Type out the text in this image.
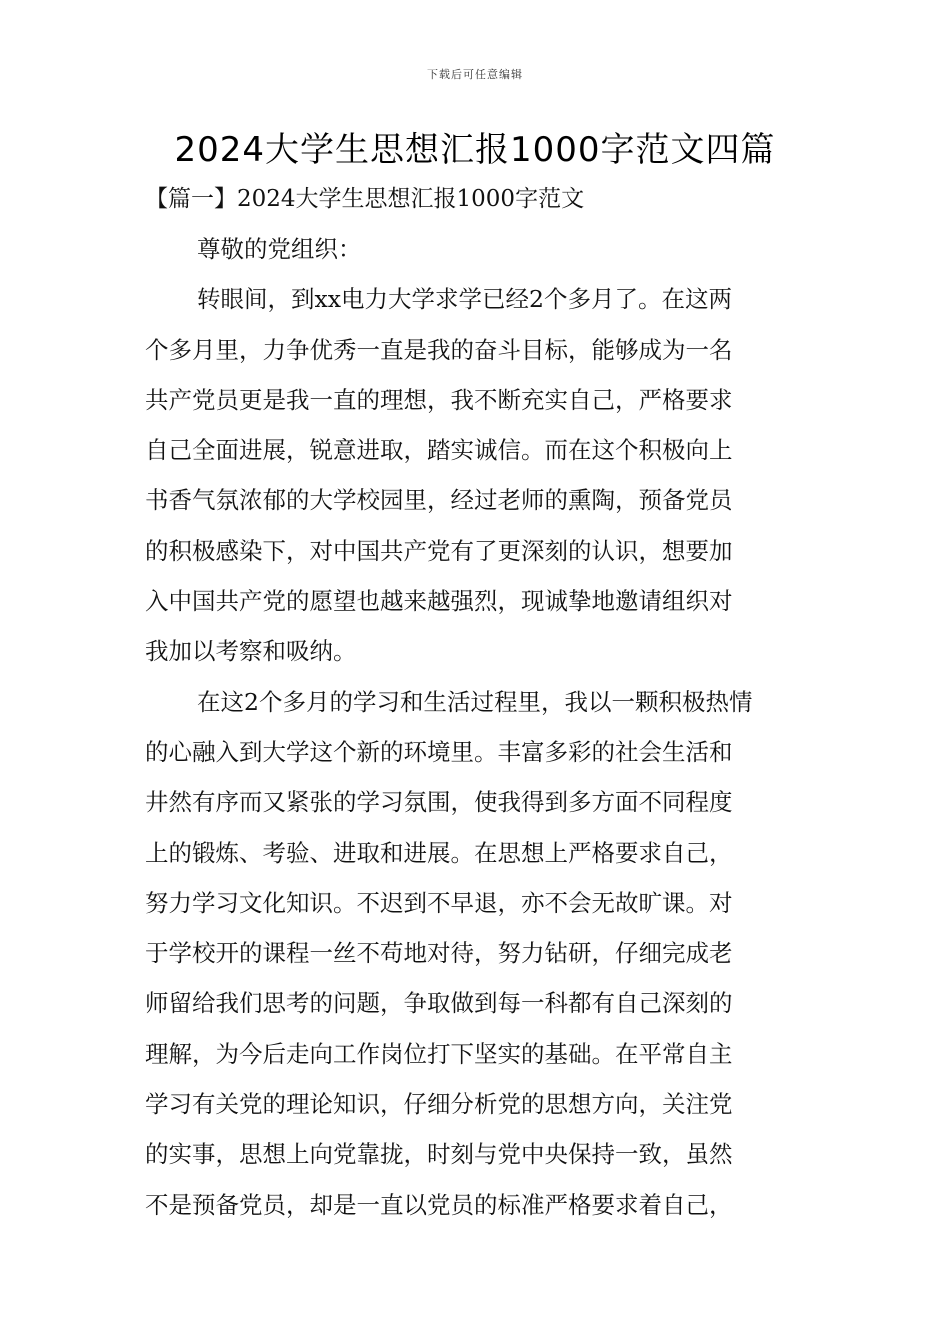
下载后可任意编辑
2024大学生思想汇报1000字范文四篇
【篇一】2024大学生思想汇报1000字范文

尊敬的党组织：

转眼间，到xx电力大学求学已经2个多月了。在这两
个多月里，力争优秀一直是我的奋斗目标，能够成为一名
共产党员更是我一直的理想，我不断充实自己，严格要求
自己全面进展，锐意进取，踏实诚信。而在这个积极向上
书香气氛浓郁的大学校园里，经过老师的熏陶，预备党员
的积极感染下，对中国共产党有了更深刻的认识，想要加
入中国共产党的愿望也越来越强烈，现诚挚地邀请组织对
我加以考察和吸纳。

在这2个多月的学习和生活过程里，我以一颗积极热情
的心融入到大学这个新的环境里。丰富多彩的社会生活和
井然有序而又紧张的学习氛围，使我得到多方面不同程度
上的锻炼、考验、进取和进展。在思想上严格要求自己，
努力学习文化知识。不迟到不早退，亦不会无故旷课。对
于学校开的课程一丝不苟地对待，努力钻研，仔细完成老
师留给我们思考的问题，争取做到每一科都有自己深刻的
理解，为今后走向工作岗位打下坚实的基础。在平常自主
学习有关党的理论知识，仔细分析党的思想方向，关注党
的实事，思想上向党靠拢，时刻与党中央保持一致，虽然
不是预备党员，却是一直以党员的标准严格要求着自己，
